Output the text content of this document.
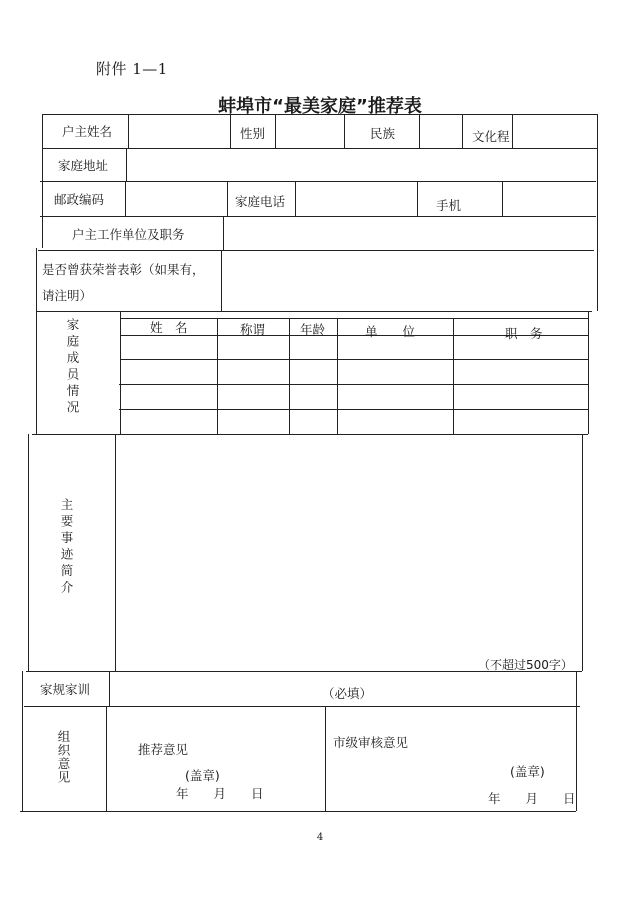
附件 1—1
蚌埠市“最美家庭”推荐表
户主姓名	性别	民族	文化程
家庭地址
邮政编码	家庭电话	手机
户主工作单位及职务
是否曾获荣誉表彰（如果有，
请注明）
家庭成员情况	姓　名	称谓	年龄	单　　位	职　务
主要事迹简介
（不超过500字）
家规家训	（必填）
组织意见	推荐意见
(盖章)
年　　月　　日
市级审核意见
(盖章)
年　　月　　日
4
